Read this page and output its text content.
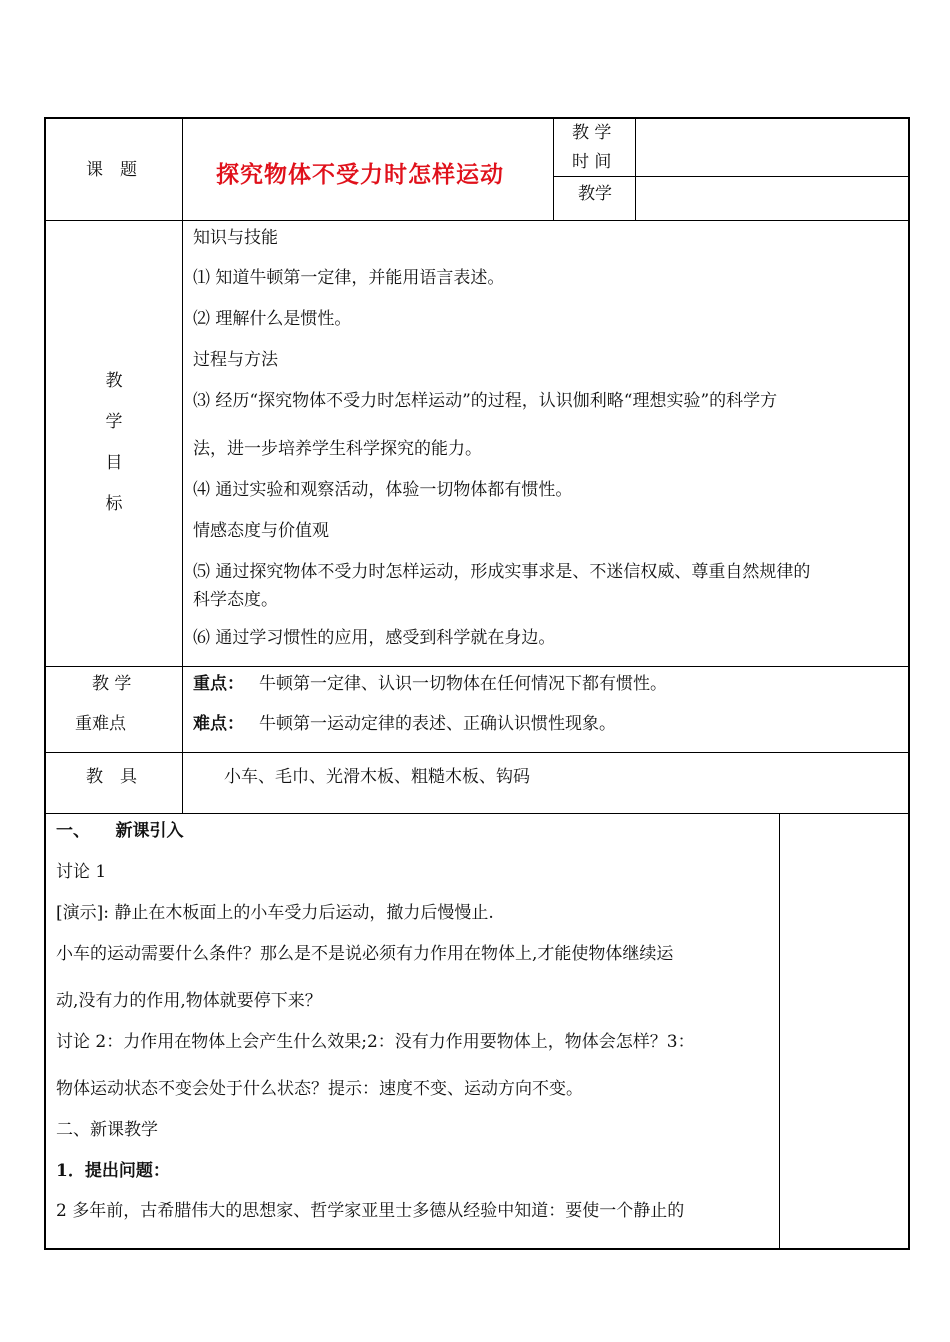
课　题	探究物体不受力时怎样运动
教 学
时 间
教学
教
学
目
标
知识与技能
⑴ 知道牛顿第一定律，并能用语言表述。
⑵ 理解什么是惯性。
过程与方法
⑶ 经历“探究物体不受力时怎样运动”的过程，认识伽利略“理想实验”的科学方
法，进一步培养学生科学探究的能力。
⑷ 通过实验和观察活动，体验一切物体都有惯性。
情感态度与价值观
⑸ 通过探究物体不受力时怎样运动，形成实事求是、不迷信权威、尊重自然规律的
科学态度。
⑹ 通过学习惯性的应用，感受到科学就在身边。
教 学
重难点
重点： 牛顿第一定律、认识一切物体在任何情况下都有惯性。
难点： 牛顿第一运动定律的表述、正确认识惯性现象。
教　具	小车、毛巾、光滑木板、粗糙木板、钩码
一、　　新课引入
讨论 1
[演示]: 静止在木板面上的小车受力后运动，撤力后慢慢止.
小车的运动需要什么条件？那么是不是说必须有力作用在物体上,才能使物体继续运
动,没有力的作用,物体就要停下来？
讨论 2：力作用在物体上会产生什么效果;2：没有力作用要物体上，物体会怎样？3：
物体运动状态不变会处于什么状态？提示：速度不变、运动方向不变。
二、新课教学
1．提出问题：
2 多年前，古希腊伟大的思想家、哲学家亚里士多德从经验中知道：要使一个静止的
